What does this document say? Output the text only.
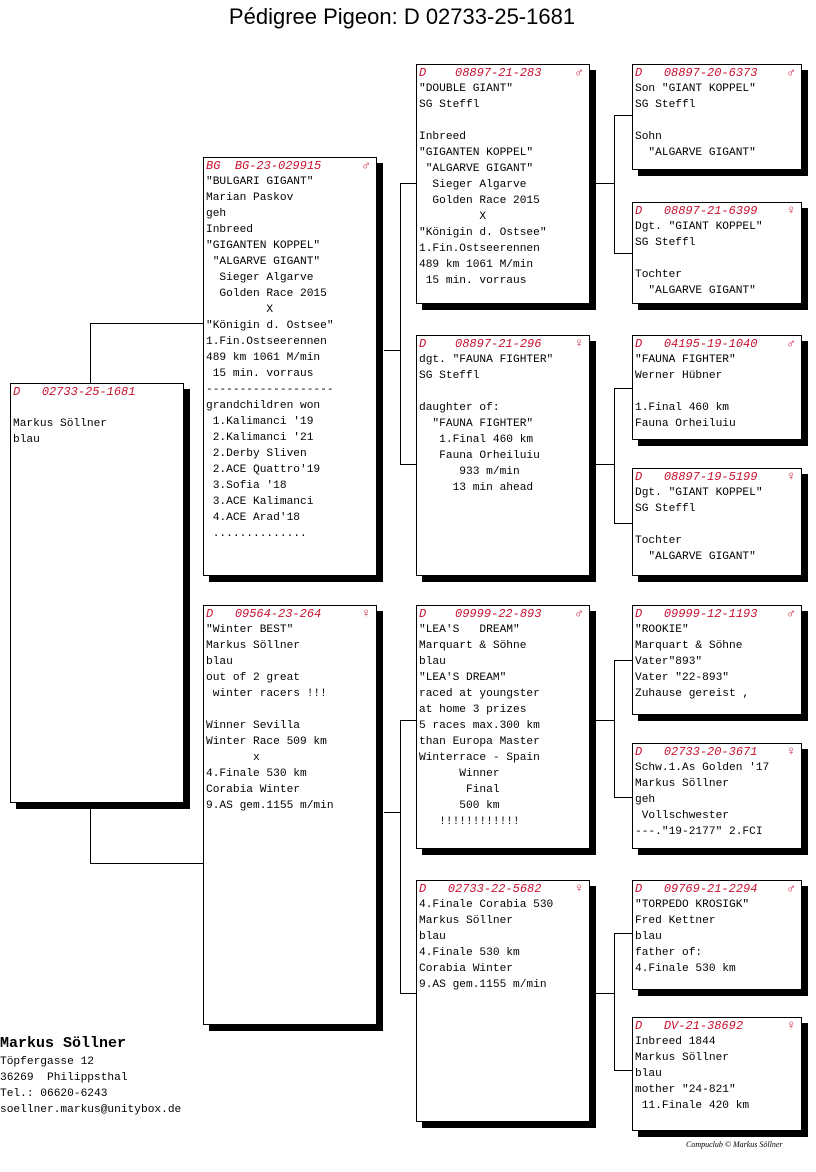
Pédigree Pigeon: D 02733-25-1681
D 02733-25-1681

Markus Söllner
blau
BG BG-23-029915	♂
"BULGARI GIGANT"
Marian Paskov
geh
Inbreed
"GIGANTEN KOPPEL"
"ALGARVE GIGANT"
Sieger Algarve
Golden Race 2015
X
"Königin d. Ostsee"
1.Fin.Ostseerennen
489 km 1061 M/min
15 min. vorraus
-------------------
grandchildren won
1.Kalimanci '19
2.Kalimanci '21
2.Derby Sliven
2.ACE Quattro'19
3.Sofia '18
3.ACE Kalimanci
4.ACE Arad'18
..............
D 09564-23-264	♀
"Winter BEST"
Markus Söllner
blau
out of 2 great
winter racers !!!

Winner Sevilla
Winter Race 509 km
x
4.Finale 530 km
Corabia Winter
9.AS gem.1155 m/min
D 08897-21-283	♂
"DOUBLE GIANT"
SG Steffl

Inbreed
"GIGANTEN KOPPEL"
"ALGARVE GIGANT"
Sieger Algarve
Golden Race 2015
X
"Königin d. Ostsee"
1.Fin.Ostseerennen
489 km 1061 M/min
15 min. vorraus
D 08897-21-296	♀
dgt. "FAUNA FIGHTER"
SG Steffl

daughter of:
"FAUNA FIGHTER"
1.Final 460 km
Fauna Orheiluiu
933 m/min
13 min ahead
D 09999-22-893	♂
"LEA'S   DREAM"
Marquart & Söhne
blau
"LEA'S DREAM"
raced at youngster
at home 3 prizes
5 races max.300 km
than Europa Master
Winterrace - Spain
Winner
Final
500 km
!!!!!!!!!!!!
D 02733-22-5682	♀
4.Finale Corabia 530
Markus Söllner
blau
4.Finale 530 km
Corabia Winter
9.AS gem.1155 m/min
D 08897-20-6373 ♂
Son "GIANT KOPPEL"
SG Steffl

Sohn
"ALGARVE GIGANT"
D 08897-21-6399 ♀
Dgt. "GIANT KOPPEL"
SG Steffl

Tochter
"ALGARVE GIGANT"
D 04195-19-1040 ♂
"FAUNA FIGHTER"
Werner Hübner

1.Final 460 km
Fauna Orheiluiu
D 08897-19-5199 ♀
Dgt. "GIANT KOPPEL"
SG Steffl

Tochter
"ALGARVE GIGANT"
D 09999-12-1193 ♂
"ROOKIE"
Marquart & Söhne
Vater"893"
Vater "22-893"
Zuhause gereist ,
D 02733-20-3671 ♀
Schw.1.As Golden '17
Markus Söllner
geh
Vollschwester
---."19-2177" 2.FCI
D 09769-21-2294 ♂
"TORPEDO KROSIGK"
Fred Kettner
blau
father of:
4.Finale 530 km
D DV-21-38692	♀
Inbreed 1844
Markus Söllner
blau
mother "24-821"
11.Finale 420 km
Markus Söllner
Töpfergasse 12
36269  Philippsthal
Tel.: 06620-6243
soellner.markus@unitybox.de
Compuclub © Markus Söllner
